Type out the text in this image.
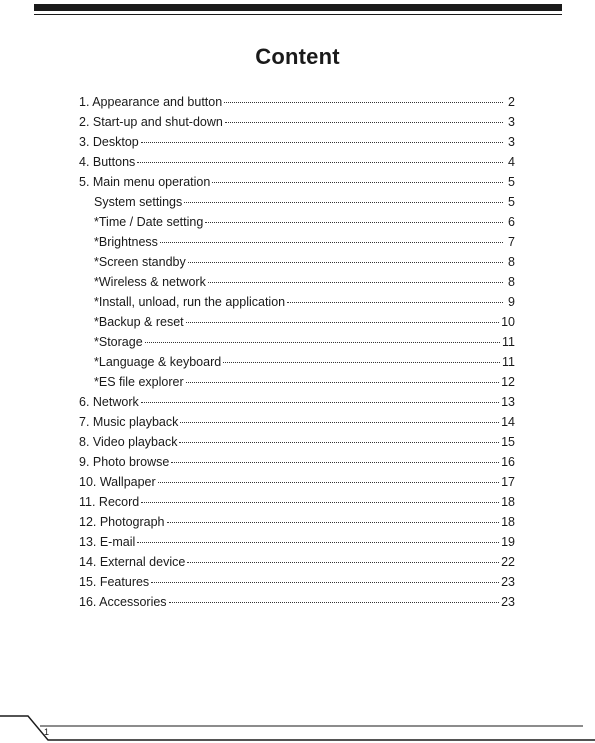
Content
1. Appearance and button	2
2. Start-up and shut-down	3
3. Desktop	3
4. Buttons	4
5. Main menu operation	5
System settings	5
*Time / Date setting	6
*Brightness	7
*Screen standby	8
*Wireless & network	8
*Install, unload, run the application	9
*Backup & reset	10
*Storage	11
*Language & keyboard	11
*ES file explorer	12
6. Network	13
7. Music playback	14
8. Video playback	15
9. Photo browse	16
10. Wallpaper	17
11. Record	18
12. Photograph	18
13. E-mail	19
14. External device	22
15. Features	23
16. Accessories	23
1
